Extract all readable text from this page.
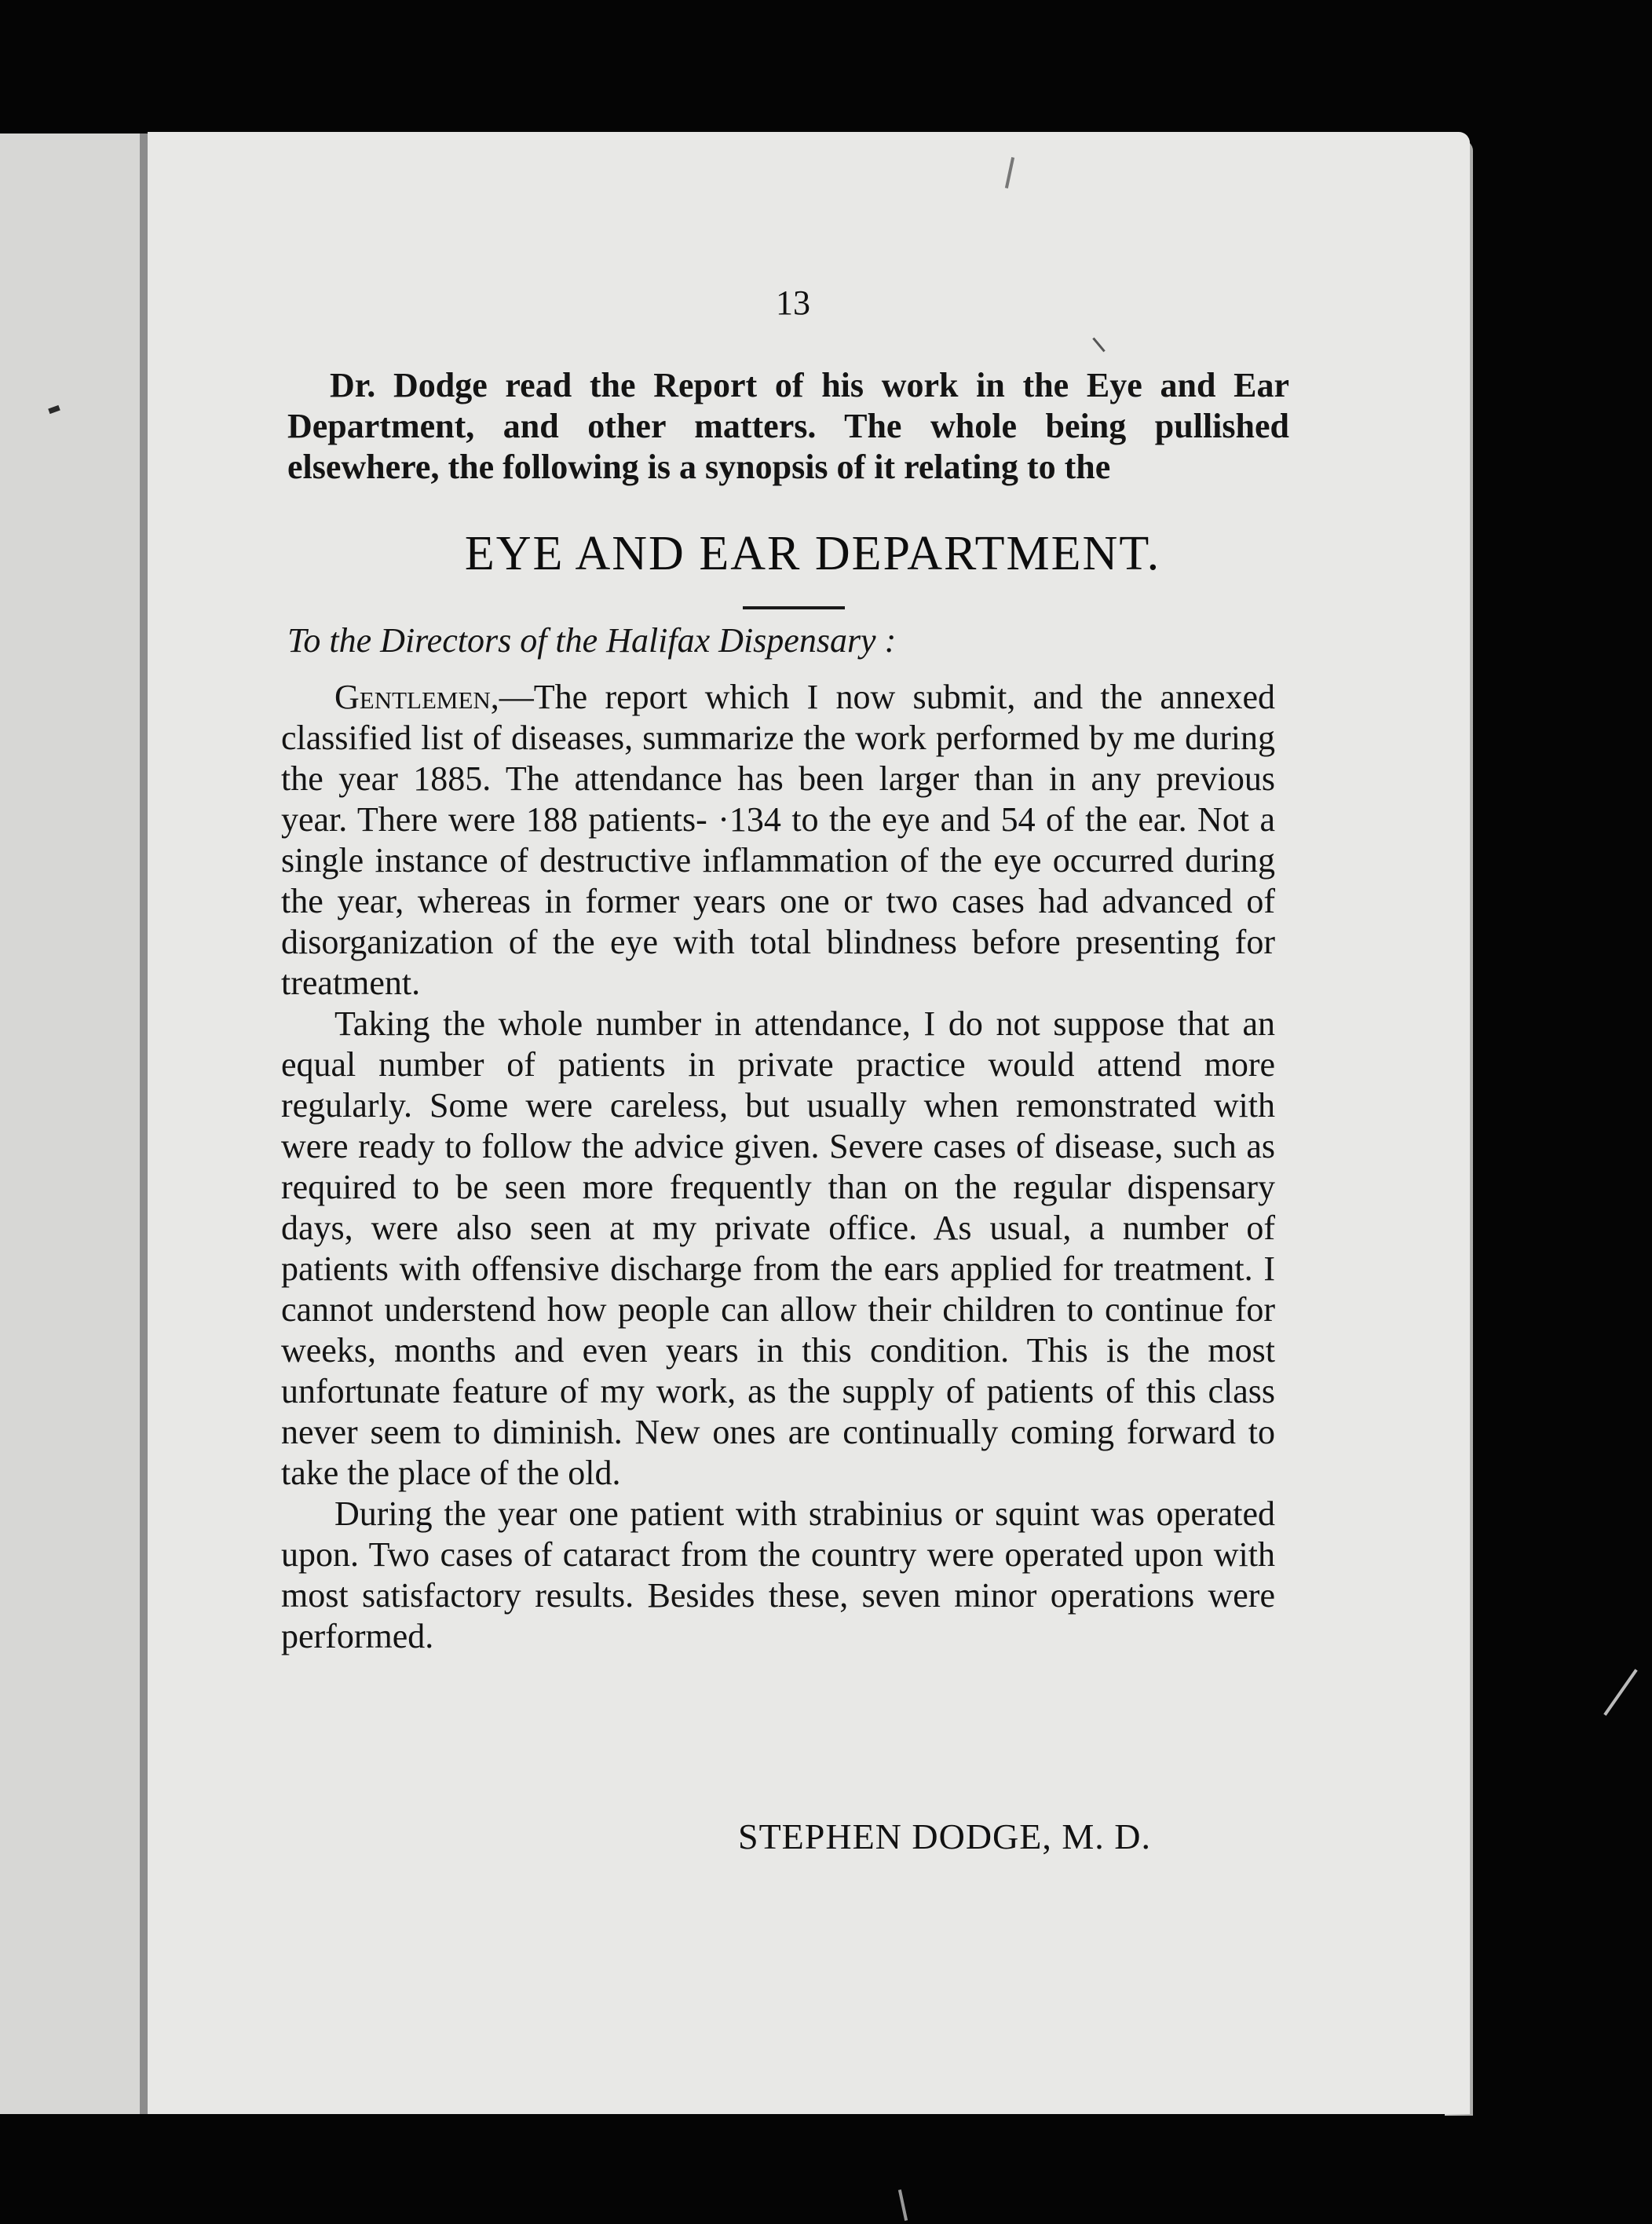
13
Dr. Dodge read the Report of his work in the Eye and Ear Department, and other matters. The whole being pullished elsewhere, the following is a synopsis of it relating to the
EYE AND EAR DEPARTMENT.
To the Directors of the Halifax Dispensary :

Gentlemen,—The report which I now submit, and the annexed classified list of diseases, summarize the work performed by me during the year 1885. The attendance has been larger than in any previous year. There were 188 patients- ·134 to the eye and 54 of the ear. Not a single instance of destructive inflammation of the eye occurred during the year, whereas in former years one or two cases had advanced of disorganization of the eye with total blindness before presenting for treatment.

Taking the whole number in attendance, I do not suppose that an equal number of patients in private practice would attend more regularly. Some were careless, but usually when remonstrated with were ready to follow the advice given. Severe cases of disease, such as required to be seen more frequently than on the regular dispensary days, were also seen at my private office. As usual, a number of patients with offensive discharge from the ears applied for treatment. I cannot understend how people can allow their children to continue for weeks, months and even years in this condition. This is the most unfortunate feature of my work, as the supply of patients of this class never seem to diminish. New ones are continually coming forward to take the place of the old.

During the year one patient with strabinius or squint was operated upon. Two cases of cataract from the country were operated upon with most satisfactory results. Besides these, seven minor operations were performed.

STEPHEN DODGE, M. D.
